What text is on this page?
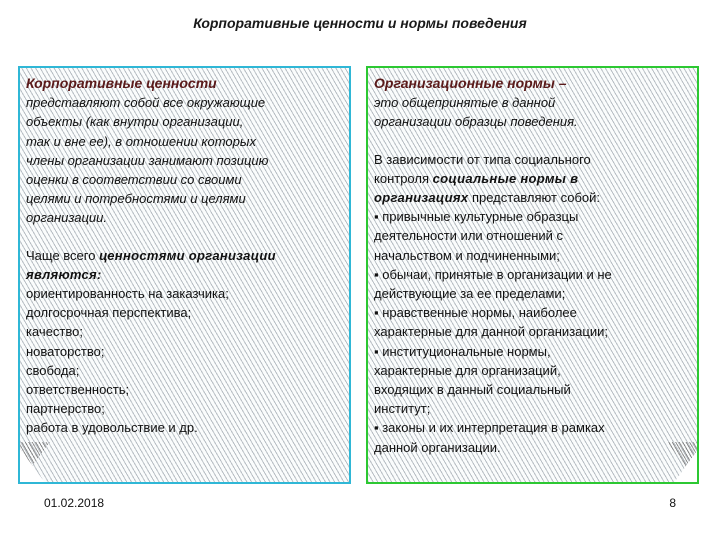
Корпоративные ценности и нормы поведения
Корпоративные ценности
представляют собой все окружающие
объекты (как внутри организации,
так и вне ее), в отношении которых
члены организации занимают позицию
оценки в соответствии со своими
целями и потребностями и целями
организации.
Чаще всего ценностями организации
являются:
ориентированность на заказчика;
долгосрочная перспектива;
качество;
новаторство;
свобода;
ответственность;
партнерство;
работа в удовольствие и др.
Организационные нормы –
это общепринятые в данной
организации образцы поведения.
В зависимости от типа социального
контроля социальные нормы в
организациях представляют собой:
▪ привычные культурные образцы
деятельности или отношений с
начальством и подчиненными;
▪ обычаи, принятые в организации и не
действующие за ее пределами;
▪ нравственные нормы, наиболее
характерные для данной организации;
▪ институциональные нормы,
характерные для организаций,
входящих в данный социальный
институт;
▪ законы и их интерпретация в рамках
данной организации.
01.02.2018	8
